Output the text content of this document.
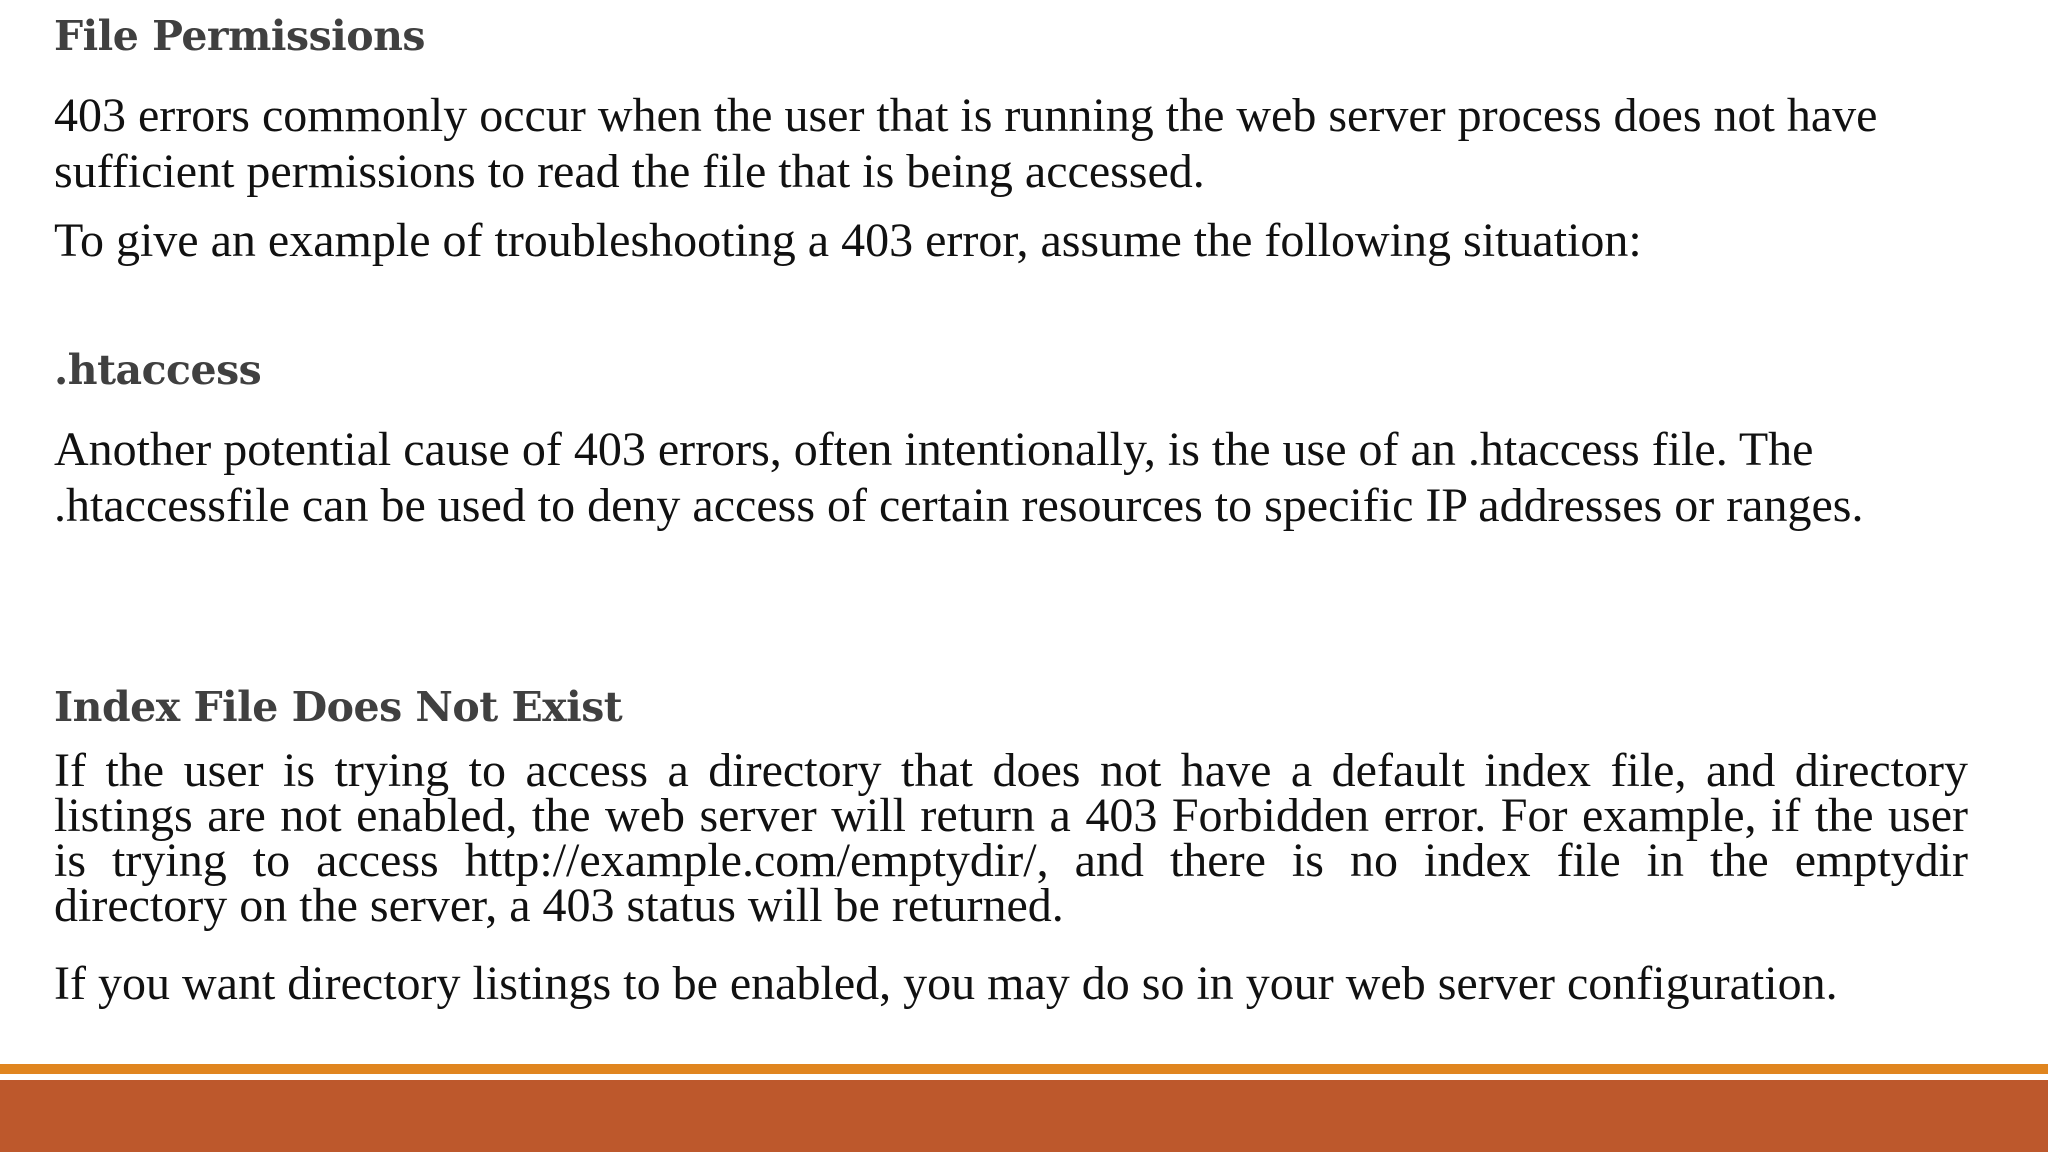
File Permissions

403 errors commonly occur when the user that is running the web server process does not have sufficient permissions to read the file that is being accessed.

To give an example of troubleshooting a 403 error, assume the following situation:

.htaccess

Another potential cause of 403 errors, often intentionally, is the use of an .htaccess file. The .htaccessfile can be used to deny access of certain resources to specific IP addresses or ranges.

Index File Does Not Exist

If the user is trying to access a directory that does not have a default index file, and directory listings are not enabled, the web server will return a 403 Forbidden error. For example, if the user is trying to access http://example.com/emptydir/, and there is no index file in the emptydir directory on the server, a 403 status will be returned.

If you want directory listings to be enabled, you may do so in your web server configuration.
